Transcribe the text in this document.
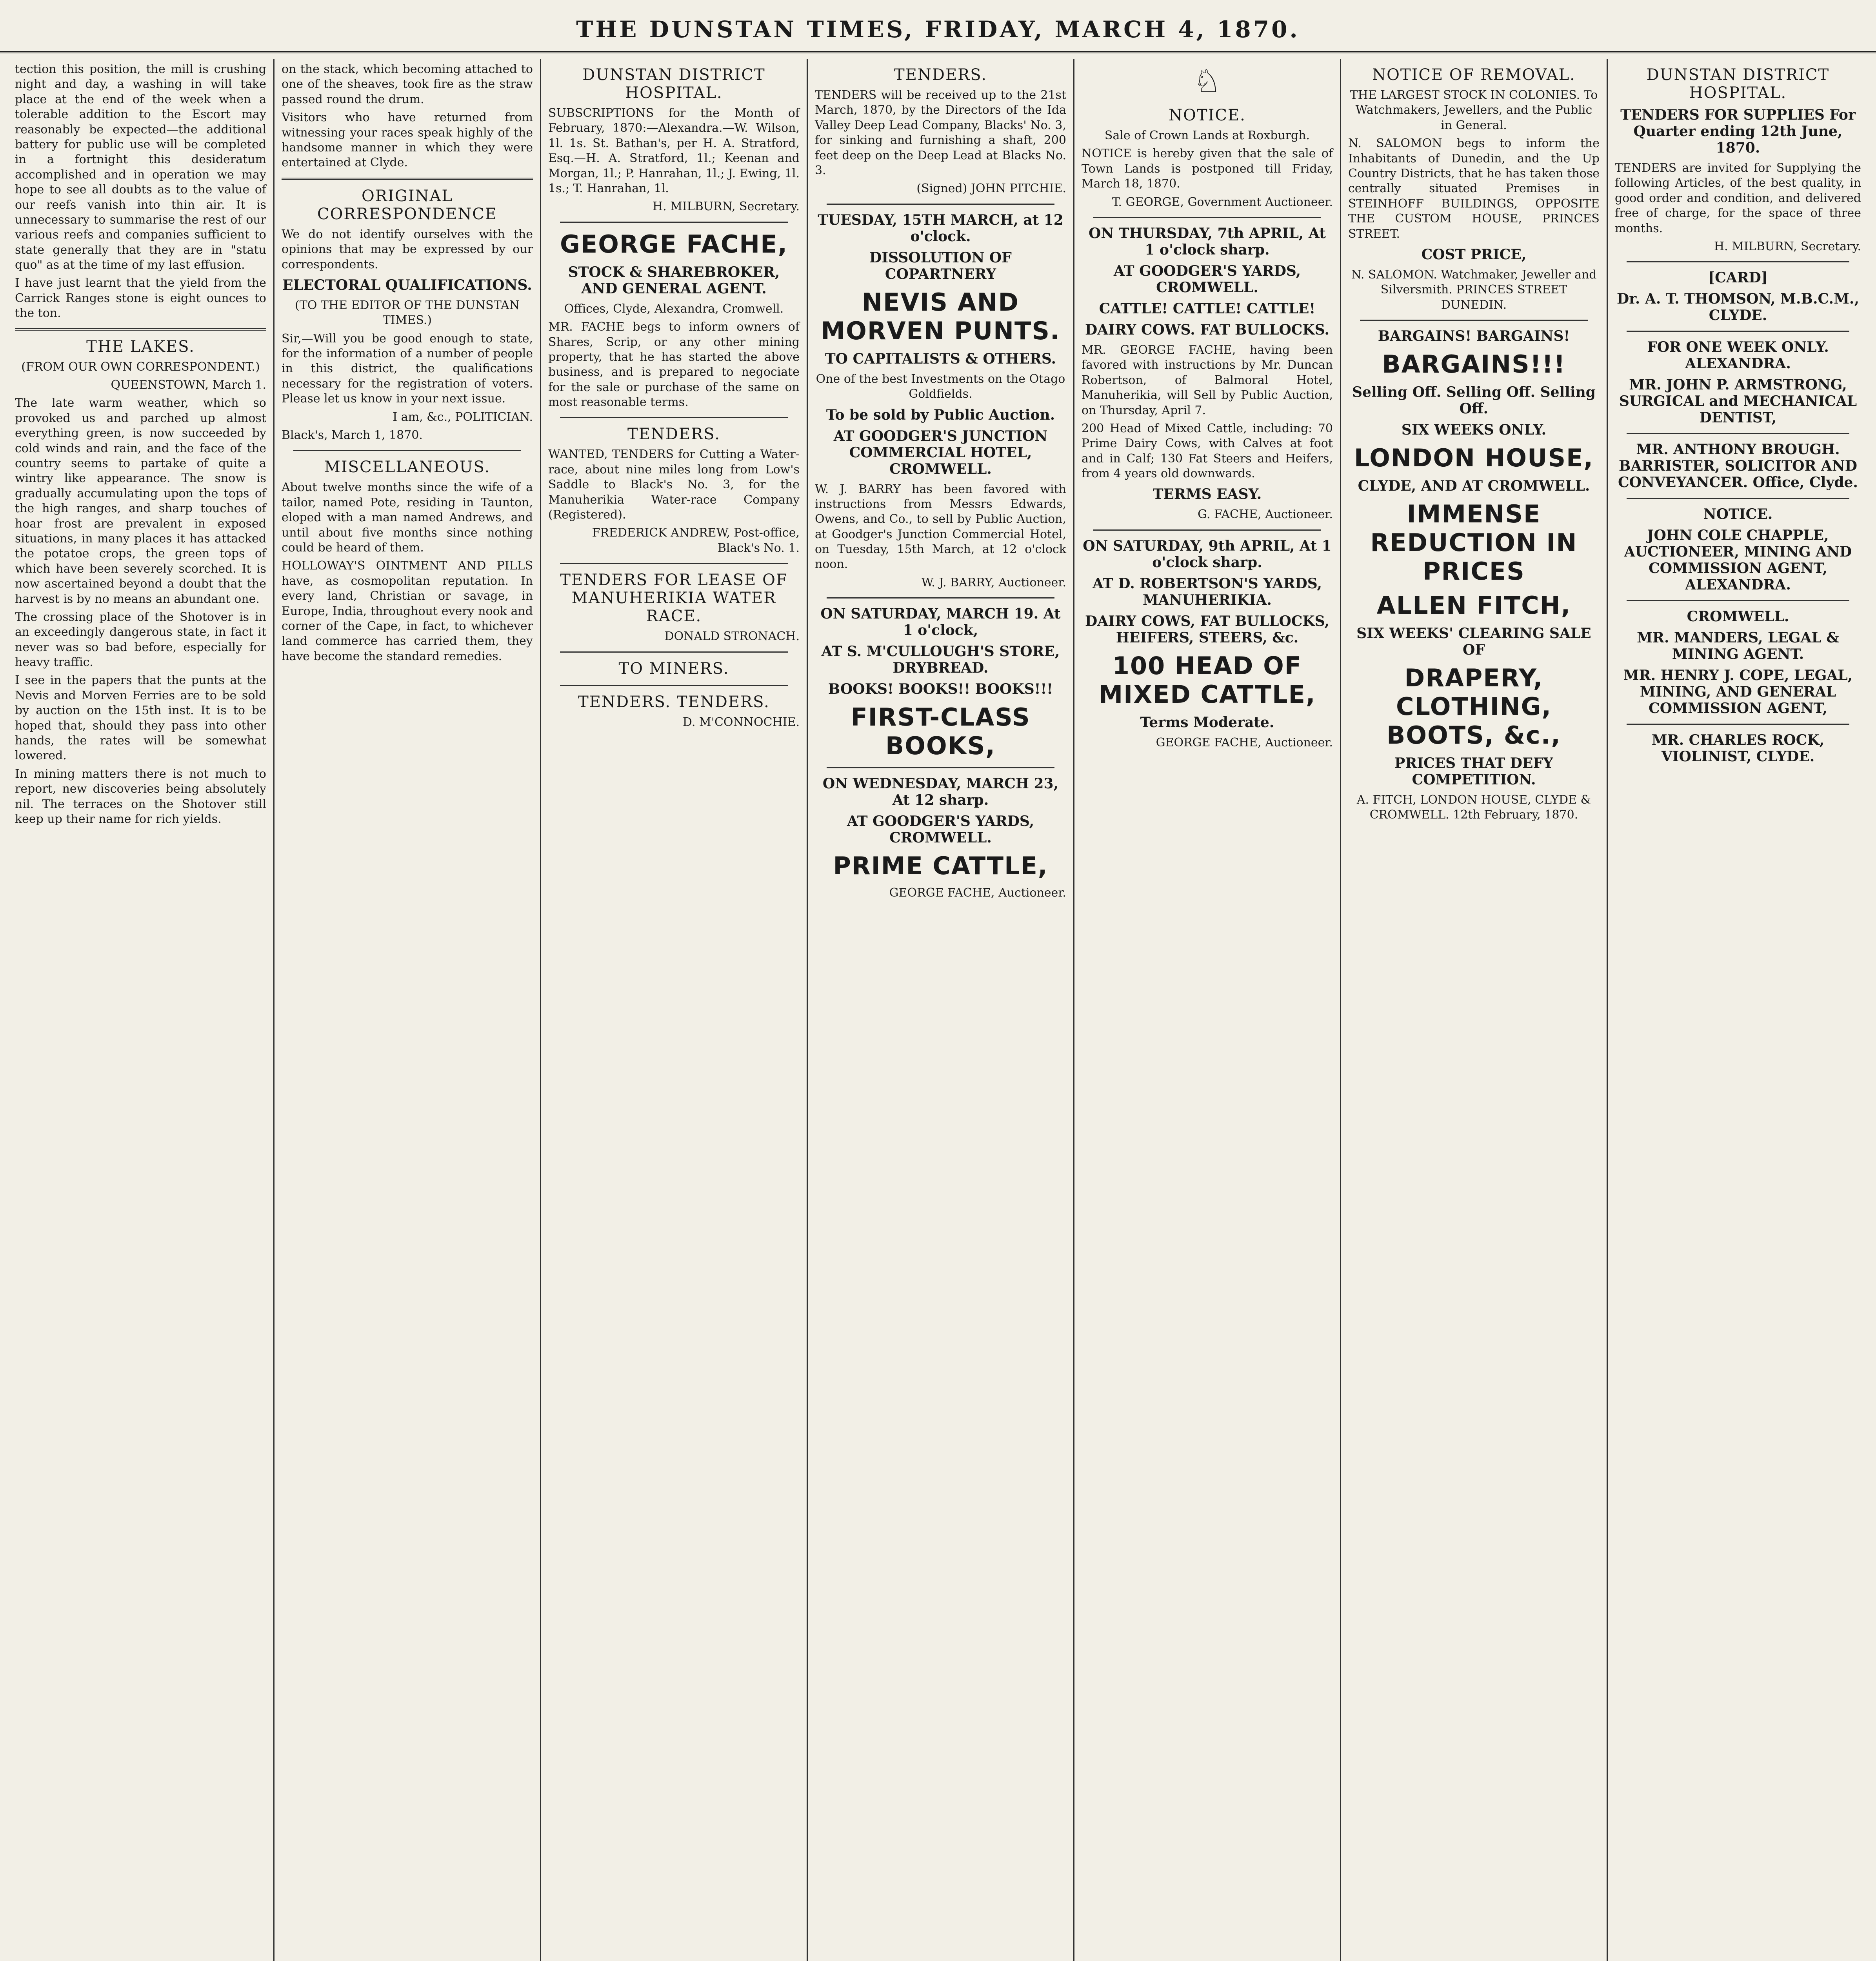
THE DUNSTAN TIMES, FRIDAY, MARCH 4, 1870.

tection this position, the mill is crushing night and day, a washing in will take place at the end of the week when a tolerable addition to the Escort may reasonably be expected—the additional battery for public use will be completed in a fortnight this desideratum accomplished and in operation we may hope to see all doubts as to the value of our reefs vanish into thin air. It is unnecessary to summarise the rest of our various reefs and companies sufficient to state generally that they are in "statu quo" as at the time of my last effusion.

I have just learnt that the yield from the Carrick Ranges stone is eight ounces to the ton.

THE LAKES.

(FROM OUR OWN CORRESPONDENT.)

QUEENSTOWN, March 1.

The late warm weather, which so provoked us and parched up almost everything green, is now succeeded by cold winds and rain, and the face of the country seems to partake of quite a wintry like appearance. The snow is gradually accumulating upon the tops of the high ranges, and sharp touches of hoar frost are prevalent in exposed situations, in many places it has attacked the potatoe crops, the green tops of which have been severely scorched. It is now ascertained beyond a doubt that the harvest is by no means an abundant one.

The crossing place of the Shotover is in an exceedingly dangerous state, in fact it never was so bad before, especially for heavy traffic.

I see in the papers that the punts at the Nevis and Morven Ferries are to be sold by auction on the 15th inst. It is to be hoped that, should they pass into other hands, the rates will be somewhat lowered.

In mining matters there is not much to report, new discoveries being absolutely nil. The terraces on the Shotover still keep up their name for rich yields.

on the stack, which becoming attached to one of the sheaves, took fire as the straw passed round the drum.

Visitors who have returned from witnessing your races speak highly of the handsome manner in which they were entertained at Clyde.

ORIGINAL CORRESPONDENCE

We do not identify ourselves with the opinions that may be expressed by our correspondents.

ELECTORAL QUALIFICATIONS.

(TO THE EDITOR OF THE DUNSTAN TIMES.)

Sir,—Will you be good enough to state, for the information of a number of people in this district, the qualifications necessary for the registration of voters. Please let us know in your next issue.

I am, &c., POLITICIAN.

Black's, March 1, 1870.

MISCELLANEOUS.

About twelve months since the wife of a tailor, named Pote, residing in Taunton, eloped with a man named Andrews, and until about five months since nothing could be heard of them.

HOLLOWAY'S OINTMENT AND PILLS have, as cosmopolitan reputation. In every land, Christian or savage, in Europe, India, throughout every nook and corner of the Cape, in fact, to whichever land commerce has carried them, they have become the standard remedies.

DUNSTAN DISTRICT HOSPITAL.

SUBSCRIPTIONS for the Month of February, 1870:—Alexandra.—W. Wilson, 1l. 1s. St. Bathan's, per H. A. Stratford, Esq.—H. A. Stratford, 1l.; Keenan and Morgan, 1l.; P. Hanrahan, 1l.; J. Ewing, 1l. 1s.; T. Hanrahan, 1l.

H. MILBURN, Secretary.

GEORGE FACHE,
STOCK & SHAREBROKER, AND GENERAL AGENT.

Offices, Clyde, Alexandra, Cromwell.

MR. FACHE begs to inform owners of Shares, Scrip, or any other mining property, that he has started the above business, and is prepared to negociate for the sale or purchase of the same on most reasonable terms.

TENDERS.

WANTED, TENDERS for Cutting a Water-race, about nine miles long from Low's Saddle to Black's No. 3, for the Manuherikia Water-race Company (Registered).

FREDERICK ANDREW, Post-office, Black's No. 1.

TENDERS FOR LEASE OF MANUHERIKIA WATER RACE.

DONALD STRONACH.

TO MINERS.
TENDERS. TENDERS.

D. M'CONNOCHIE.

TENDERS.

TENDERS will be received up to the 21st March, 1870, by the Directors of the Ida Valley Deep Lead Company, Blacks' No. 3, for sinking and furnishing a shaft, 200 feet deep on the Deep Lead at Blacks No. 3.

(Signed) JOHN PITCHIE.

TUESDAY, 15TH MARCH, at 12 o'clock.
DISSOLUTION OF COPARTNERY
NEVIS AND MORVEN PUNTS.
TO CAPITALISTS & OTHERS.

One of the best Investments on the Otago Goldfields.

To be sold by Public Auction.
AT GOODGER'S JUNCTION COMMERCIAL HOTEL, CROMWELL.

W. J. BARRY has been favored with instructions from Messrs Edwards, Owens, and Co., to sell by Public Auction, at Goodger's Junction Commercial Hotel, on Tuesday, 15th March, at 12 o'clock noon.

W. J. BARRY, Auctioneer.

ON SATURDAY, MARCH 19. At 1 o'clock,
AT S. M'CULLOUGH'S STORE, DRYBREAD.
BOOKS! BOOKS!! BOOKS!!!
FIRST-CLASS BOOKS,
ON WEDNESDAY, MARCH 23, At 12 sharp.
AT GOODGER'S YARDS, CROMWELL.
PRIME CATTLE,

GEORGE FACHE, Auctioneer.

♘
NOTICE.

Sale of Crown Lands at Roxburgh.

NOTICE is hereby given that the sale of Town Lands is postponed till Friday, March 18, 1870.

T. GEORGE, Government Auctioneer.

ON THURSDAY, 7th APRIL, At 1 o'clock sharp.
AT GOODGER'S YARDS, CROMWELL.
CATTLE! CATTLE! CATTLE!
DAIRY COWS. FAT BULLOCKS.

MR. GEORGE FACHE, having been favored with instructions by Mr. Duncan Robertson, of Balmoral Hotel, Manuherikia, will Sell by Public Auction, on Thursday, April 7.

200 Head of Mixed Cattle, including: 70 Prime Dairy Cows, with Calves at foot and in Calf; 130 Fat Steers and Heifers, from 4 years old downwards.

TERMS EASY.

G. FACHE, Auctioneer.

ON SATURDAY, 9th APRIL, At 1 o'clock sharp.
AT D. ROBERTSON'S YARDS, MANUHERIKIA.
DAIRY COWS, FAT BULLOCKS, HEIFERS, STEERS, &c.
100 HEAD OF MIXED CATTLE,
Terms Moderate.

GEORGE FACHE, Auctioneer.

NOTICE OF REMOVAL.

THE LARGEST STOCK IN COLONIES. To Watchmakers, Jewellers, and the Public in General.

N. SALOMON begs to inform the Inhabitants of Dunedin, and the Up Country Districts, that he has taken those centrally situated Premises in STEINHOFF BUILDINGS, OPPOSITE THE CUSTOM HOUSE, PRINCES STREET.

COST PRICE,

N. SALOMON. Watchmaker, Jeweller and Silversmith. PRINCES STREET DUNEDIN.

BARGAINS! BARGAINS!
BARGAINS!!!
Selling Off. Selling Off. Selling Off.
SIX WEEKS ONLY.
LONDON HOUSE,
CLYDE, AND AT CROMWELL.
IMMENSE REDUCTION IN PRICES
ALLEN FITCH,
SIX WEEKS' CLEARING SALE OF
DRAPERY, CLOTHING, BOOTS, &c.,
PRICES THAT DEFY COMPETITION.

A. FITCH, LONDON HOUSE, CLYDE & CROMWELL. 12th February, 1870.

DUNSTAN DISTRICT HOSPITAL.
TENDERS FOR SUPPLIES For Quarter ending 12th June, 1870.

TENDERS are invited for Supplying the following Articles, of the best quality, in good order and condition, and delivered free of charge, for the space of three months.

H. MILBURN, Secretary.

[CARD]
Dr. A. T. THOMSON, M.B.C.M., CLYDE.
FOR ONE WEEK ONLY. ALEXANDRA.
MR. JOHN P. ARMSTRONG, SURGICAL and MECHANICAL DENTIST,
MR. ANTHONY BROUGH. BARRISTER, SOLICITOR AND CONVEYANCER. Office, Clyde.
NOTICE.
JOHN COLE CHAPPLE, AUCTIONEER, MINING AND COMMISSION AGENT, ALEXANDRA.
CROMWELL.
MR. MANDERS, LEGAL & MINING AGENT.
MR. HENRY J. COPE, LEGAL, MINING, AND GENERAL COMMISSION AGENT,
MR. CHARLES ROCK, VIOLINIST, CLYDE.
